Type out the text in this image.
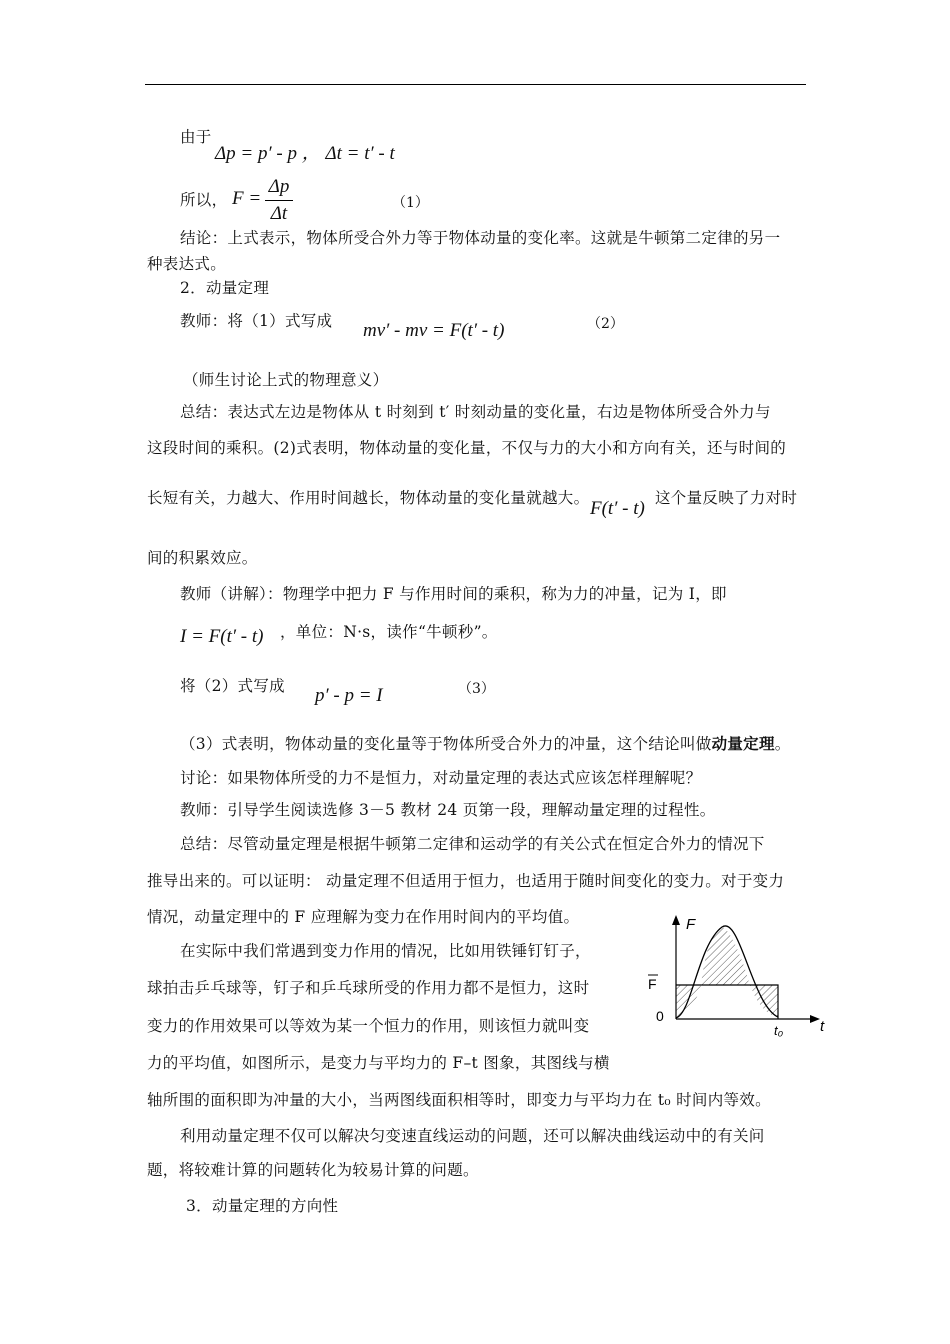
由于
Δp = p′ - p ， Δt = t′ - t
所以， F =
Δp
Δt	（1）
结论：上式表示，物体所受合外力等于物体动量的变化率。这就是牛顿第二定律的另一
种表达式。
2．动量定理
教师：将（1）式写成 mv′ - mv = F(t′ - t)	（2）
（师生讨论上式的物理意义）
总结：表达式左边是物体从 t 时刻到 t′ 时刻动量的变化量，右边是物体所受合外力与
这段时间的乘积。(2)式表明，物体动量的变化量，不仅与力的大小和方向有关，还与时间的
长短有关，力越大、作用时间越长，物体动量的变化量就越大。 F(t′ - t) 这个量反映了力对时
间的积累效应。
教师（讲解）：物理学中把力 F 与作用时间的乘积，称为力的冲量，记为 I，即
I = F(t′ - t) ，单位：N·s，读作“牛顿秒”。
将（2）式写成 p′ - p = I	（3）
（3）式表明，物体动量的变化量等于物体所受合外力的冲量，这个结论叫做动量定理。
讨论：如果物体所受的力不是恒力，对动量定理的表达式应该怎样理解呢？
教师：引导学生阅读选修 3－5 教材 24 页第一段，理解动量定理的过程性。
总结：尽管动量定理是根据牛顿第二定律和运动学的有关公式在恒定合外力的情况下
推导出来的。可以证明： 动量定理不但适用于恒力，也适用于随时间变化的变力。对于变力
情况，动量定理中的 F 应理解为变力在作用时间内的平均值。
在实际中我们常遇到变力作用的情况，比如用铁锤钉钉子，
球拍击乒乓球等，钉子和乒乓球所受的作用力都不是恒力，这时
变力的作用效果可以等效为某一个恒力的作用，则该恒力就叫变
力的平均值，如图所示，是变力与平均力的 F–t 图象，其图线与横
轴所围的面积即为冲量的大小，当两图线面积相等时，即变力与平均力在 t₀ 时间内等效。
利用动量定理不仅可以解决匀变速直线运动的问题，还可以解决曲线运动中的有关问
题，将较难计算的问题转化为较易计算的问题。
3．动量定理的方向性
F
F
0
t₀ t
